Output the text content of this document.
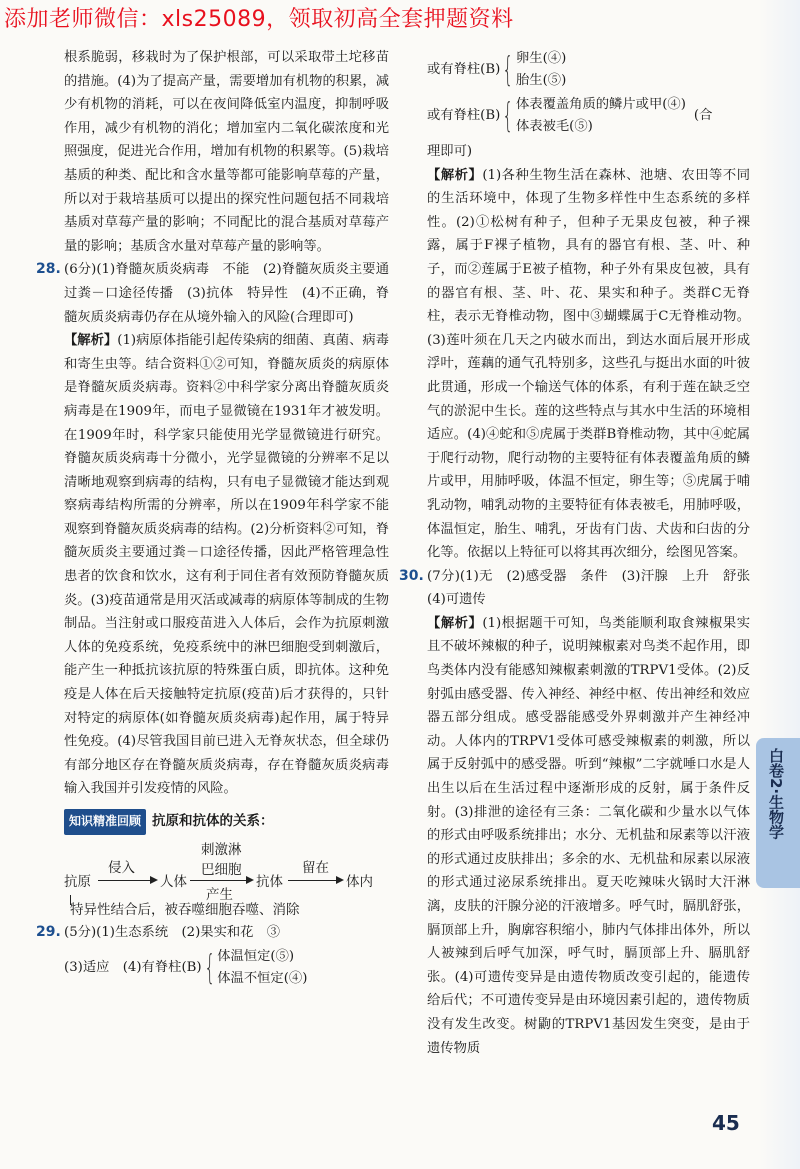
添加老师微信：xls25089，领取初高全套押题资料

根系脆弱，移栽时为了保护根部，可以采取带土坨移苗的措施。(4)为了提高产量，需要增加有机物的积累，减少有机物的消耗，可以在夜间降低室内温度，抑制呼吸作用，减少有机物的消化；增加室内二氧化碳浓度和光照强度，促进光合作用，增加有机物的积累等。(5)栽培基质的种类、配比和含水量等都可能影响草莓的产量，所以对于栽培基质可以提出的探究性问题包括不同栽培基质对草莓产量的影响；不同配比的混合基质对草莓产量的影响；基质含水量对草莓产量的影响等。

28. (6分)(1)脊髓灰质炎病毒　不能　(2)脊髓灰质炎主要通过粪－口途径传播　(3)抗体　特异性　(4)不正确，脊髓灰质炎病毒仍存在从境外输入的风险(合理即可)

【解析】(1)病原体指能引起传染病的细菌、真菌、病毒和寄生虫等。结合资料①②可知，脊髓灰质炎的病原体是脊髓灰质炎病毒。资料②中科学家分离出脊髓灰质炎病毒是在1909年，而电子显微镜在1931年才被发明。在1909年时，科学家只能使用光学显微镜进行研究。脊髓灰质炎病毒十分微小，光学显微镜的分辨率不足以清晰地观察到病毒的结构，只有电子显微镜才能达到观察病毒结构所需的分辨率，所以在1909年科学家不能观察到脊髓灰质炎病毒的结构。(2)分析资料②可知，脊髓灰质炎主要通过粪－口途径传播，因此严格管理急性患者的饮食和饮水，这有利于同住者有效预防脊髓灰质炎。(3)疫苗通常是用灭活或减毒的病原体等制成的生物制品。当注射或口服疫苗进入人体后，会作为抗原刺激人体的免疫系统，免疫系统中的淋巴细胞受到刺激后，能产生一种抵抗该抗原的特殊蛋白质，即抗体。这种免疫是人体在后天接触特定抗原(疫苗)后才获得的，只针对特定的病原体(如脊髓灰质炎病毒)起作用，属于特异性免疫。(4)尽管我国目前已进入无脊灰状态，但全球仍有部分地区存在脊髓灰质炎病毒，存在脊髓灰质炎病毒输入我国并引发疫情的风险。

知识精准回顾 抗原和抗体的关系：
刺激淋
巴细胞
抗原
侵入
人体
产生
抗体
留在
体内
特异性结合后，被吞噬细胞吞噬、消除

29. (5分)(1)生态系统　(2)果实和花　③

(3)适应　(4)有脊柱(B) { 体温恒定(⑤)
体温不恒定(④)
或有脊柱(B) { 卵生(④)
胎生(⑤)
或有脊柱(B) { 体表覆盖角质的鳞片或甲(④)
体表被毛(⑤)
(合

理即可)

【解析】(1)各种生物生活在森林、池塘、农田等不同的生活环境中，体现了生物多样性中生态系统的多样性。(2)①松树有种子，但种子无果皮包被，种子裸露，属于F裸子植物，具有的器官有根、茎、叶、种子，而②莲属于E被子植物，种子外有果皮包被，具有的器官有根、茎、叶、花、果实和种子。类群C无脊柱，表示无脊椎动物，图中③蝴蝶属于C无脊椎动物。(3)莲叶须在几天之内破水而出，到达水面后展开形成浮叶，莲藕的通气孔特别多，这些孔与挺出水面的叶彼此贯通，形成一个输送气体的体系，有利于莲在缺乏空气的淤泥中生长。莲的这些特点与其水中生活的环境相适应。(4)④蛇和⑤虎属于类群B脊椎动物，其中④蛇属于爬行动物，爬行动物的主要特征有体表覆盖角质的鳞片或甲，用肺呼吸，体温不恒定，卵生等；⑤虎属于哺乳动物，哺乳动物的主要特征有体表被毛，用肺呼吸，体温恒定，胎生、哺乳，牙齿有门齿、犬齿和臼齿的分化等。依据以上特征可以将其再次细分，绘图见答案。

30. (7分)(1)无　(2)感受器　条件　(3)汗腺　上升　舒张　(4)可遗传

【解析】(1)根据题干可知，鸟类能顺利取食辣椒果实且不破坏辣椒的种子，说明辣椒素对鸟类不起作用，即鸟类体内没有能感知辣椒素刺激的TRPV1受体。(2)反射弧由感受器、传入神经、神经中枢、传出神经和效应器五部分组成。感受器能感受外界刺激并产生神经冲动。人体内的TRPV1受体可感受辣椒素的刺激，所以属于反射弧中的感受器。听到“辣椒”二字就唾口水是人出生以后在生活过程中逐渐形成的反射，属于条件反射。(3)排泄的途径有三条：二氧化碳和少量水以气体的形式由呼吸系统排出；水分、无机盐和尿素等以汗液的形式通过皮肤排出；多余的水、无机盐和尿素以尿液的形式通过泌尿系统排出。夏天吃辣味火锅时大汗淋漓，皮肤的汗腺分泌的汗液增多。呼气时，膈肌舒张，膈顶部上升，胸廓容积缩小，肺内气体排出体外，所以人被辣到后呼气加深，呼气时，膈顶部上升、膈肌舒张。(4)可遗传变异是由遗传物质改变引起的，能遗传给后代；不可遗传变异是由环境因素引起的，遗传物质没有发生改变。树鼩的TRPV1基因发生突变，是由于遗传物质

白卷2·生物学
45
